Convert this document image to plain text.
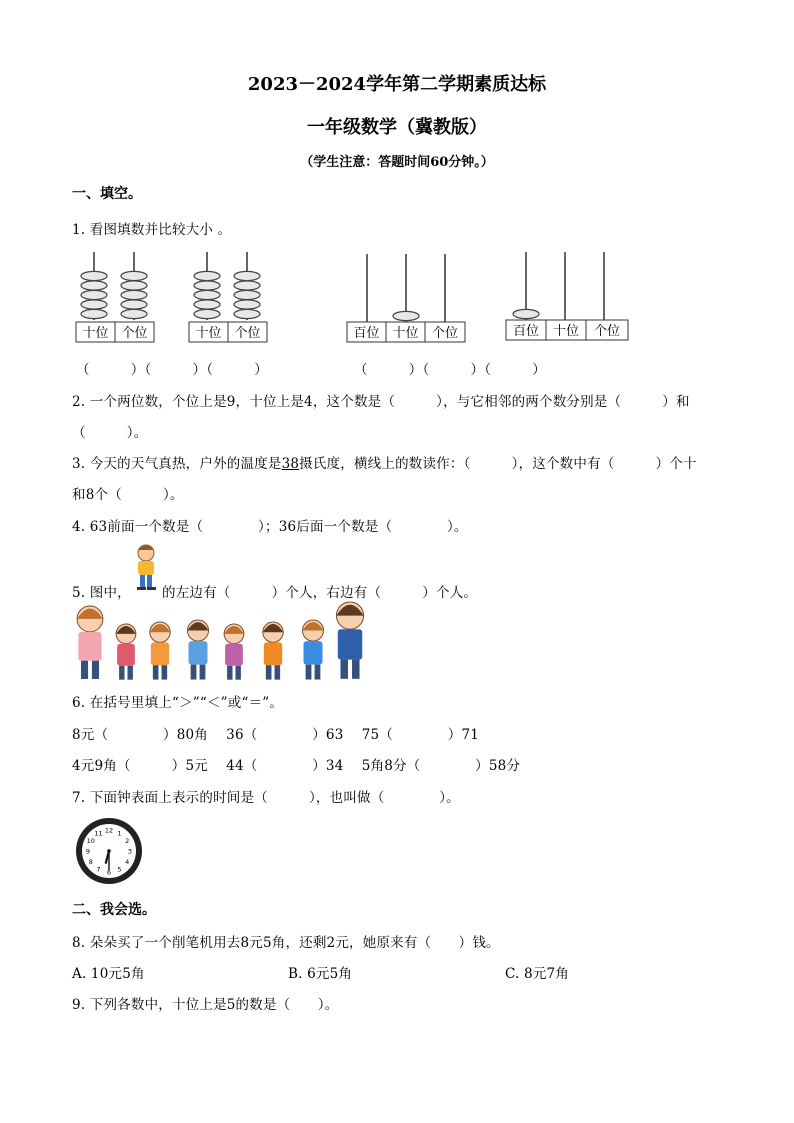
2023－2024学年第二学期素质达标
一年级数学（冀教版）
（学生注意：答题时间60分钟。）
一、填空。
1. 看图填数并比较大小 。
十位 个位	十位 个位	百位 十位 个位	百位 十位 个位
（　　　）（　　　）（　　　）	（　　　）（　　　）（　　　）
2. 一个两位数，个位上是9，十位上是4，这个数是（　　　），与它相邻的两个数分别是（　　　）和
（　　　）。
3. 今天的天气真热，户外的温度是38摄氏度，横线上的数读作：（　　　），这个数中有（　　　）个十
和8个（　　　）。
4. 63前面一个数是（　　　　）；36后面一个数是（　　　　）。
5. 图中， 的左边有（　　　）个人，右边有（　　　）个人。
6. 在括号里填上“＞”“＜”或“＝”。
8元（　　　　）80角　 36（　　　　）63　 75（　　　　）71
4元9角（　　　）5元　 44（　　　　）34　 5角8分（　　　　）58分
7. 下面钟表面上表示的时间是（　　　），也叫做（　　　　）。
1
2
3
4
5
6
7
8
9
10
11 12
二、我会选。
8. 朵朵买了一个削笔机用去8元5角，还剩2元，她原来有（　　）钱。
A. 10元5角	B. 6元5角	C. 8元7角
9. 下列各数中，十位上是5的数是（　　）。
